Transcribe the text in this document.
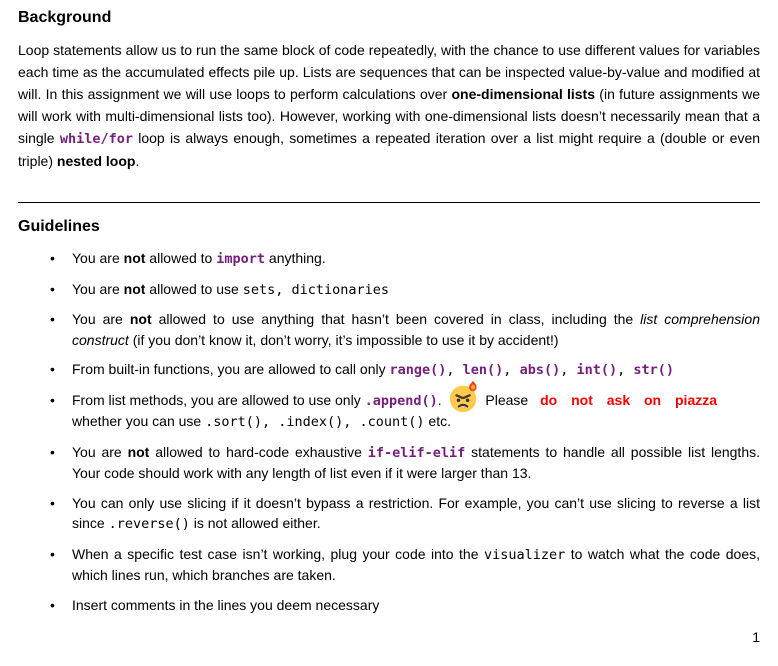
Background

Loop statements allow us to run the same block of code repeatedly, with the chance to use different values for variables each time as the accumulated effects pile up. Lists are sequences that can be inspected value-by-value and modified at will. In this assignment we will use loops to perform calculations over one-dimensional lists (in future assignments we will work with multi-dimensional lists too). However, working with one-dimensional lists doesn’t necessarily mean that a single while/for loop is always enough, sometimes a repeated iteration over a list might require a (double or even triple) nested loop.

Guidelines
• You are not allowed to import anything.
• You are not allowed to use sets, dictionaries
• You are not allowed to use anything that hasn’t been covered in class, including the list comprehension construct (if you don’t know it, don’t worry, it’s impossible to use it by accident!)
• From built-in functions, you are allowed to call only range(), len(), abs(), int(), str()
• From list methods, you are allowed to use only .append().	Please do not ask on piazza
whether you can use .sort(), .index(), .count() etc.
• You are not allowed to hard-code exhaustive if-elif-elif statements to handle all possible list lengths. Your code should work with any length of list even if it were larger than 13.
• You can only use slicing if it doesn’t bypass a restriction. For example, you can’t use slicing to reverse a list since .reverse() is not allowed either.
• When a specific test case isn’t working, plug your code into the visualizer to watch what the code does, which lines run, which branches are taken.
• Insert comments in the lines you deem necessary
1
